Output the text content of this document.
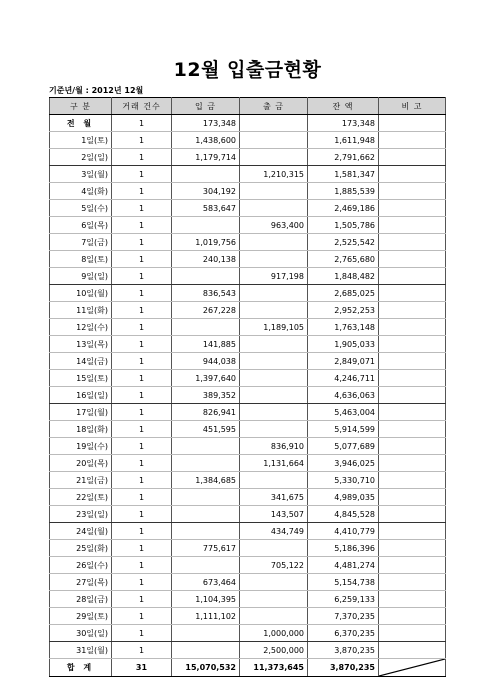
12월 입출금현황
기준년/월 : 2012년 12월
구 분	거래 건수	입 금	출 금	잔 액	비 고
전 월	1	173,348		173,348	
1일(토)	1	1,438,600		1,611,948	
2일(일)	1	1,179,714		2,791,662	
3일(월)	1		1,210,315	1,581,347	
4일(화)	1	304,192		1,885,539	
5일(수)	1	583,647		2,469,186	
6일(목)	1		963,400	1,505,786	
7일(금)	1	1,019,756		2,525,542	
8일(토)	1	240,138		2,765,680	
9일(일)	1		917,198	1,848,482	
10일(월)	1	836,543		2,685,025	
11일(화)	1	267,228		2,952,253	
12일(수)	1		1,189,105	1,763,148	
13일(목)	1	141,885		1,905,033	
14일(금)	1	944,038		2,849,071	
15일(토)	1	1,397,640		4,246,711	
16일(일)	1	389,352		4,636,063	
17일(월)	1	826,941		5,463,004	
18일(화)	1	451,595		5,914,599	
19일(수)	1		836,910	5,077,689	
20일(목)	1		1,131,664	3,946,025	
21일(금)	1	1,384,685		5,330,710	
22일(토)	1		341,675	4,989,035	
23일(일)	1		143,507	4,845,528	
24일(월)	1		434,749	4,410,779	
25일(화)	1	775,617		5,186,396	
26일(수)	1		705,122	4,481,274	
27일(목)	1	673,464		5,154,738	
28일(금)	1	1,104,395		6,259,133	
29일(토)	1	1,111,102		7,370,235	
30일(일)	1		1,000,000	6,370,235	
31일(월)	1		2,500,000	3,870,235	
합 계	31	15,070,532	11,373,645	3,870,235	
